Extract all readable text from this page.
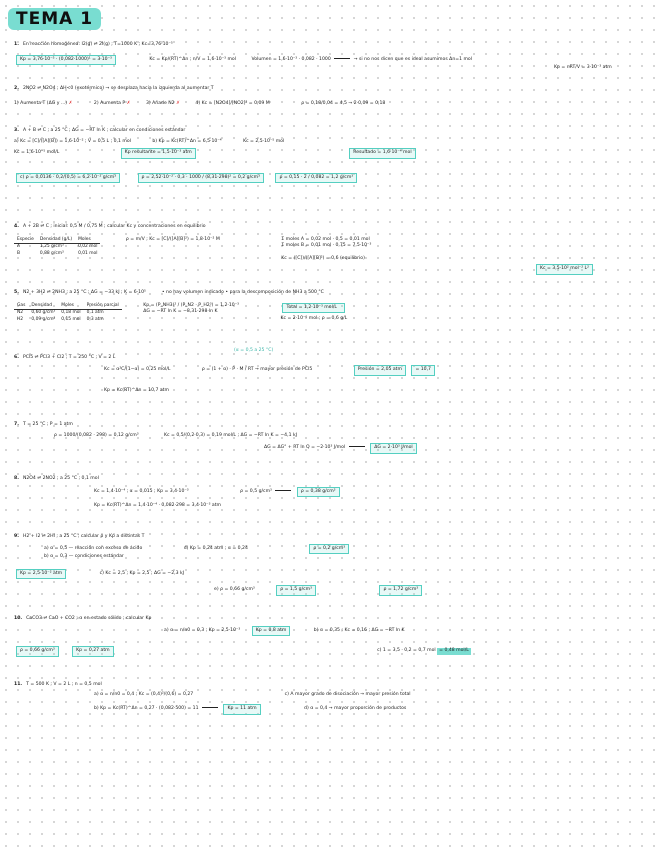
TEMA 1
1. En reacción homogénea: I2(g) ⇌ 2I(g) ; T=1000 K ; Kc=3,76·10⁻⁵
Kp = 3,76·10⁻⁵ · (0,082·1000)¹ = 3·10⁻³	Kc = Kp/(RT)^Δn ; n/V = 1,6·10⁻³ mol	Volumen = 1,6·10⁻³ · 0,082 · 1000	→ si no nos dicen que es ideal asumimos Δn=1 mol
Kp = nRT/V = 3·10⁻³ atm
2. 2NO2 ⇌ N2O4 ; ΔH<0 (exotérmico) → se desplaza hacia la izquierda al aumentar T
1) Aumenta T (ΔG y ...) ✗	2) Aumenta P ✗	3) Añade N2 ✗	4) Kc = [N2O4]/[NO2]² = 0,09 M	ρ = 0,18/0,04 = 4,5 → 2·0,09 = 0,18
3. A + B ⇌ C ; a 25 °C ; ΔG = −RT ln K ; calcular en condiciones estándar
a) Kc = [C]/([A][B]) = 1,6·10⁻² ; V = 0,5 L ; 0,1 mol	b) Kp = Kc(RT)^Δn = 6,5·10⁻⁴	Kc = 2,5·10⁻⁵ mol
Kc = 1,6·10⁻⁵ mol/L	Kp resultante = 1,5·10⁻³ atm	Resultado = 1,6·10⁻⁴ mol
c) ρ = 0,0136 · 0,2/(0,5) = 6,2·10⁻² g/cm³	ρ = 2,52·10⁻² · 0,3 · 1000 / (8,31·298)² = 0,2 g/cm³	ρ = 0,15 · 2 / 0,082 = 1,2 g/cm³
4. A + 2B ⇌ C ; inicial: 0,5 M / 0,75 M ; calcular Kc y concentraciones en equilibrio
Especie	Densidad (g/L)	Moles
A	1,25 g/cm³	0,02 mol
B	0,88 g/cm³	0,01 mol ρ = m/V ; Kc = [C]/([A][B]²) = 1,8·10⁻² M	Σ moles A = 0,02 mol · 0,5 = 0,01 mol
Σ moles B = 0,01 mol · 0,75 = 7,5·10⁻³
Kc = ([C])/([A][B]²) = 0,6 (equilibrio)
Kc = 3,5·10² mol⁻² L²
5. N2 + 3H2 ⇌ 2NH3 ; a 25 °C ; ΔG = −33 kJ ; K = 6·10⁵	• no hay volumen indicado • para la descomposición de NH3 a 500 °C
Gas	Densidad	Moles	Presión parcial
N2	0,60 g/cm³	0,18 mol	0,1 atm
H2	0,09 g/cm³	0,15 mol	0,3 atm
Kp = (P_NH3)² / (P_N2 · P_H2³) = 1,2·10⁻³
ΔG = −RT ln K = −8,31·298·ln K

Total = 1,2·10⁻³ mol/L
Kc = 2·10⁻⁶ mol ; ρ = 0,6 g/L
(α = 0,5 a 25 °C)
6. PCl5 ⇌ PCl3 + Cl2 ; T = 250 °C ; V = 2 L
Kc = α²C/(1−α) = 0,25 mol/L	ρ = (1 + α) · P · M / RT → mayor presión de PCl5	Presión = 2,05 atm	= 10,7
Kp = Kc(RT)^Δn = 10,7 atm
7. T = 25 °C ; P = 1 atm
ρ = 1000/(0,082 · 298) = 0,12 g/cm³	Kc = 0,5/(0,2·0,3) = 0,19 mol/L ; ΔG = −RT ln K = −4,1 kJ
ΔG = ΔG° + RT ln Q = −2·10³ J/mol	ΔG = 2·10³ J/mol
8. N2O4 ⇌ 2NO2 ; a 25 °C ; 0,1 mol
Kc = 1,4·10⁻⁴ ; α = 0,015 ; Kp = 3,4·10⁻³	ρ = 0,5 g/cm³	ρ = 0,38 g/cm³
Kp = Kc(RT)^Δn = 1,4·10⁻⁴ · 0,082·298 = 3,4·10⁻³ atm
9. H2 + I2 ⇌ 2HI ; a 25 °C ; calcular ρ y Kp a distintas T
a) α = 0,5 — reacción con exceso de ácido	d) Kp = 0,24 atm ; α = 0,24	ρ = 0,2 g/cm³
b) α = 0,3 — condiciones estándar
Kp = 2,5·10⁻² atm	c) Kc = 2,5 ; Kp = 2,5 ; ΔG = −2,3 kJ
e) ρ = 0,66 g/cm³	ρ = 1,5 g/cm³	ρ = 1,72 g/cm³
10. CaCO3 ⇌ CaO + CO2 ; α en estado sólido ; calcular Kp
a) α = n/n0 = 0,3 ; Kp = 2,5·10⁻³	Kp = 0,8 atm	b) α = 0,35 ; Kc = 0,16 ; ΔG = −RT ln K
ρ = 0,66 g/cm³	Kp = 0,27 atm	c) 1 = 3,5 · 0,2 = 0,7 mol = 0,48 mol/L
11. T = 500 K ; V = 2 L ; n = 0,5 mol
a) α = n/n0 = 0,4 ; Kc = (0,4)²/(0,6) = 0,27	c) A mayor grado de disociación → mayor presión total
b) Kp = Kc(RT)^Δn = 0,27 · (0,082·500) = 11	Kp = 11 atm	d) α = 0,4 → mayor proporción de productos
